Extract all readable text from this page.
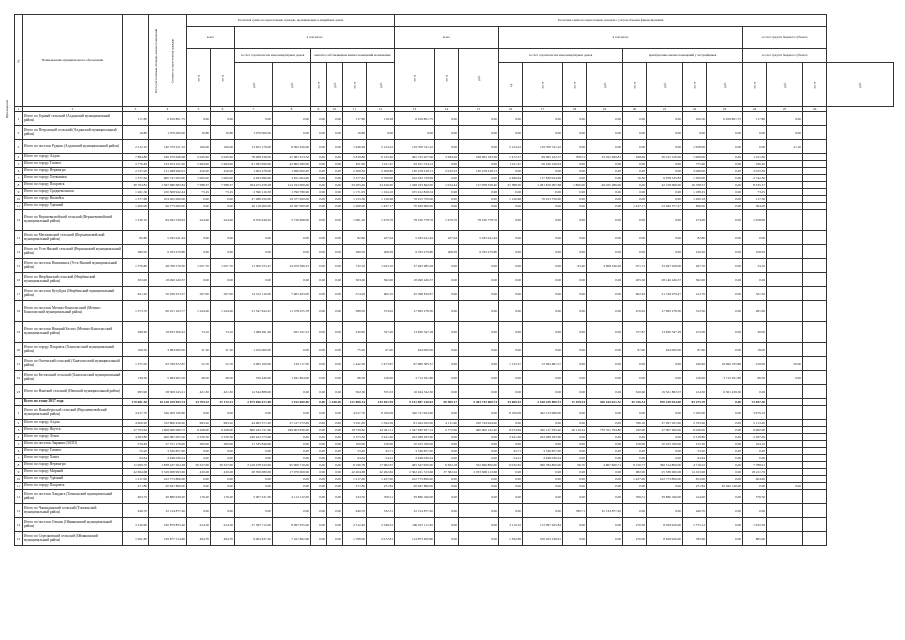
Приложение
№	Наименование муниципального образования	Всего расселяемая площадь жилых помещений	Стоимость переселения граждан	Расчетная сумма по переселению граждан, проживающих в аварийных домах								Расчетная сумма по переселению граждан с учетом объемов финансирования														
				всего		в том числе						всего			в том числе								за счет средств бюджета субъекта			
				кв. м	кв. м	за счет строительства многоквартирных домов		выплата собственникам жилых помещений возмещения				кв. м	кв. м	руб.	за счет строительства многоквартирных домов				приобретение жилых помещений у застройщиков				за счет средств бюджета субъекта			
						руб.	руб.	кв. м	руб.	кв. м	руб.				ед.	кв. м	кв. м	руб.	кв. м	руб.	кв. м	руб.	кв. м	руб.	кв. м	руб.
1	2	3	4	5	6	7	8	9	10	11	12	13	14	15	16	17	18	19	20	21	22	23	24	25	26	
1	Итого по Горный сельский (Алданский муниципальный район)	117.80	6 459 801.75	0.00	0.00	0.00	0.00	0.00	0.00	117.80	118.28	6 459 801.75	0.00	0.00	0.00	0.00	0.00	0.00	0.00	0.00	106.30	6 459 801.75	117.80	0.00		
2	Итого по Петровский сельский (Алданский муниципальный район)	19.80	1 079 000.00	19.80	19.80	1 079 000.00	0.00	0.00	0.00	19.80	0.00	0.00	0.00	0.00	0.00	0.00	0.00	0.00	0.00	0.00	0.00	0.00	0.00	0.00		
3	Итого по поселок Рудник (Алданский муниципальный район)	2 312.10	140 579 251.32	166.00	166.00	13 625 176.00	8 362 456.00	0.00	0.00	1 946.69	2 124.22	119 700 741.22	0.00	0.00	2 124.22	119 700 741.22	0.00	0.00	0.00	0.00	1 928.90	0.00	0.00	21.10		
4	Итого по городу Алдан	7 864.80	436 279 646.98	2 045.00	2 045.00	78 468 236.00	47 981 613.50	0.00	0.00	5 819.80	6 125.40	495 725 207.06	3 584.26	198 063 183.36	1 472.57	69 065 422.37	768.51	33 452 499.81	638.00	30 415 120.00	1 968.00	0.00	1 011.00			
5	Итого по городу Томмот	2 776.40	153 974 221.00	1 964.00	1 964.00	61 363 090.00	42 862 580.00	0.00	0.00	811.90	1 011.47	92 611 724.12	0.00	0.00	1 011.47	56 440 236.94	0.00	0.00	0.00	0.00	775.60	0.00	436.40			
6	Итого по городу Нерюнгри	2 727.00	131 288 999.61	420.00	420.00	1 004 578.00	1 090 000.00	0.00	0.00	2 306.50	2 308.80	130 478 238.13	2 032.03	130 478 238.13	0.00	0.00	0.00	0.00	0.00	0.00	3 068.00	0.00	2 025.30			
7	Итого по городу Олекминск	1 377.62	600 741 003.00	1 000.00	1 000.00	4 493 690.00	2 811 004.00	0.00	0.00	2 377.62	2 700.00	162 432 729.99	0.00	0.00	2 496.64	117 839 024.09	0.00	0.00	10.30	6 978 525.83	1 306.00	0.00	2 742.30			
8	Итого по городу Покровск	30 793.83	1 567 980 683.84	7 588.37	7 588.37	304 473 258.28	214 193 000.00	0.00	0.00	23 205.46	24 616.00	1 438 193 842.00	1 034.44	117 958 358.40	21 588.50	1 281 819 097.68	1 860.00	49 455 286.00	0.00	42 318 990.00	16 338.37	0.00	8 335.37			
9	Итого по городу Среднеколымск	1 261.50	106 508 942.44	73.25	73.25	2 596 116.50	1 790 780.90	0.00	0.00	1 171.95	1 164.10	105 912 826.54	0.00	0.00	0.00	0.00	0.00	0.00	0.00	0.00	1 188.25	0.00	73.25			
10	Итого по городу Вилюйск	1 377.68	104 202 000.00	0.00	0.00	27 288 250.00	19 377 000.00	0.00	0.00	1 153.30	1 126.68	76 913 750.00	0.00	0.00	1 126.68	76 913 750.00	0.00	0.00	0.00	0.00	1 260.18	0.00	117.50			
11	Итого по городу Удачный	1 400.00	96 775 000.00	0.00	0.00	26 116 000.00	16 397 000.00	0.00	0.00	1 208.00	1 437.17	70 659 000.00	0.00	0.00	0.00	0.00	0.00	0.00	1 437.17	53 469 577.47	836.00	0.00	564.00			
12	Итого по Верхневилюйский сельский (Верхневилюйский муниципальный район)	1 330.10	84 292 728.63	244.00	244.00	9 076 049.92	5 736 968.00	0.00	0.00	1 081.20	1 679.76	78 256 778.76	1 679.76	78 256 778.76	0.00	0.00	0.00	0.00	0.00	0.00	274.00	0.00	1 058.90			
13	Итого по Мегежекский сельский (Верхневилюйский муниципальный район)	82.80	5 045 041.64	0.00	0.00	0.00	0.00	0.00	0.00	82.80	107.64	5 045 041.64	107.64	5 045 041.64	0.00	0.00	0.00	0.00	0.00	0.00	82.80	0.00	0.00			
14	Итого по Усть-Янский сельский (Верхоянский муниципальный район)	380.50	9 763 279.80	0.00	0.00	0.00	0.00	0.00	0.00	380.50	208.39	9 763 279.80	208.39	9 763 279.80	0.00	0.00	0.00	0.00	0.00	0.00	126.30	0.00	258.20			
15	Итого по поселок Нижнеянск (Усть-Янский муниципальный район)	1 579.80	48 766 576.30	1 027.70	1 027.70	11 300 555.47	24 076 386.23	0.00	0.00	732.10	1 043.10	37 465 985.28	0.00	0.00	0.00	0.00	93.40	3 908 346.20	971.72	33 497 028.00	647.70	0.00	34.10			
16	Итого по Нюрбинский сельский (Нюрбинский муниципальный район)	303.00	18 490 240.37	0.00	0.00	0.00	0.00	0.00	0.00	303.00	302.00	18 490 240.37	0.00	0.00	0.00	0.00	0.00	0.00	205.30	28 146 246.37	302.00	0.00	0.00			
17	Итого по поселок Кутуйдах (Нюрбинский муниципальный район)	621.20	50 936 253.37	567.00	567.00	14 512 116.00	7 905 403.00	0.00	0.00	574.20	600.10	45 398 819.67	0.00	0.00	0.00	0.00	0.00	0.00	602.40	21 318 079.47	122.70	0.00	521.30			
18	Итого по поселок Мегино-Кангаласский (Мегино-Кангаласский муниципальный район)	1 573.70	60 251 102.77	1 244.00	1 244.00	31 347 642.47	11 378 225.78	0.00	0.00	388.50	374.92	17 965 278.30	0.00	0.00	0.00	0.00	0.00	0.00	470.02	17 965 278.30	312.50	0.00	281.00			
19	Итого по поселок Нижний Бестях (Мегино-Кангаласский муниципальный район)	298.40	18 833 306.22	74.10	74.10	1 488 491.40	925 347.23	0.00	0.00	230.90	337.20	13 839 347.38	0.00	0.00	0.00	0.00	0.00	0.00	377.87	13 839 547.39	272.00	0.00	30.00			
20	Итого по городу Покровск (Хангаласский муниципальный район)	106.50	3 084 000.00	31.30	31.30	1 100 000.00	0.00	0.00	0.00	75.20	67.20	924 000.00	0.00	0.00	0.00	0.00	0.00	0.00	97.00	924 000.00	87.60	0.00	18.00			
21	Итого по Октемский сельский (Хангаласский муниципальный район)	1 575.50	92 799 672.87	52.70	52.70	4 085 100.00	128 117.50	0.00	0.00	1 442.30	1 673.87	87 980 385.37	0.00	0.00	1 133.37	72 094 681.57	0.00	0.00	0.00	0.00	240.00	16 990 335.80	419.00	50.00		
22	Итого по Бестяхский сельский (Хангаласский муниципальный район)	136.30	5 984 605.36	48.50	48.50	330 449.00	1 941 804.90	0.00	0.00	86.30	126.00	3 712 391.86	0.00	0.00	0.00	0.00	0.00	0.00	0.00	0.00	126.00	3 712 391.86	86.30	0.00		
23	Итого по Намский сельский (Намский муниципальный район)	983.90	38 309 245.21	421.30	421.30	14 544 888.00	0.00	0.00	0.00	562.30	555.33	16 044 542.30	0.00	0.00	0.00	0.00	0.00	0.00	610.60	19 521 863.37	124.30	6 301 436.30	0.00			
	Всего по этапу 2017 года	170 681.40	10 128 259 095.74	34 705.32	31 172.21	2 075 066 471.08	1 012 000.00	0.00	1 448.20	121 808.14	135 461.95	9 141 807 218.02	90 585.17	5 483 743 600.74	34 669.52	3 168 239 890.72	11 678.24	440 165 621.32	45 726.34	870 249 954.00	84 275.70	0.00	73 657.30			
1	Итого по Намыбероской сельский (Верхневилюйский муниципальный район)	4 917.70	346 209 760.80	0.00	0.00	0.00	0.00	0.00	0.00	4 917.70	8 169.09	340 721 904.00	0.00	0.00	8 169.09	342 123 980.00	0.00	0.00	0.00	0.00	1 500.00	0.00	3 979.10			
2	Итого по городу Алдан	4 906.20	332 806 436.00	995.20	995.20	44 665 571.20	27 127 272.00	0.00	0.00	3 911.00	1 594.56	81 264 032.00	4 111.00	250 744 644.00	0.00	0.00	0.00	0.00	796.10	37 297 031.00	2 793.00	0.00	2 113.20			
3	Итого по городу Якутск	27 703.62	1 908 060 086.72	9 648.00	9 648.00	800 445 721.60	299 003 836.00	0.00	0.00	18 729.62	24 261.11	1 347 630 957.12	2 772.90	400 000 145.20	9 074.82	320 127 395.40	20 116.22	776 351 794.80	190.00	37 907 620.00	6 046.00	0.00	9 660.00			
4	Итого по городу Ленск	4 603.80	400 081 005.20	2 230.50	2 230.50	240 422 373.60	0.00	0.00	0.00	2 373.30	3 441.00	243 489 285.60	0.00	0.00	3 441.00	243 489 285.60	0.00	0.00	0.00	0.00	2 316.80	0.00	2 287.00			
5	Итого по поселок Зырянка (ЗАТО)	379.40	27 751 176.00	300.00	300.00	17 535 846.00	0.00	0.00	0.00	100.00	156.00	10 225 330.00	0.00	0.00	0.00	0.00	0.00	0.00	156.00	10 225 330.00	215.30	0.00	164.10			
6	Итого по городу Томмот	53.20	3 530 857.00	0.00	0.00	0.00	0.00	0.00	0.00	53.20	45.71	3 530 857.00	0.00	0.00	45.71	3 530 857.00	0.00	0.00	0.00	0.00	53.20	0.00	0.00			
7	Итого по городу Ханга	64.64	4 648 036.24	0.00	0.00	0.00	0.00	0.00	0.00	64.64	54.21	4 648 036.24	0.00	0.00	54.21	4 648 036.24	0.00	0.00	0.00	0.00	64.64	0.00	0.00			
8	Итого по городу Нерюнгри	11 909.70	1 838 437 262.48	59 327.00	39 327.00	2 216 478 543.00	95 006 710.00	0.00	0.00	8 196.78	17 962.07	465 547 000.00	6 362.18	332 696 806.00	6 032.65	566 784 800.00	66.70	4 807 660.71	8 150.77	396 514 800.00	4 716.02	0.00	7 788.91			
9	Итого по городу Мирный	42 694.68	3 329 908 993.60	430.00	430.00	28 766 080.00	17 979 000.00	0.00	0.00	42 264.68	42 262.82	2 302 221 313.60	37 382.02	2 053 668 113.60	0.00	0.00	0.00	0.00	982.00	25 538 000.00	14 193.00	0.00	18 211.70			
10	Итого по городу Удачный	1 217.00	102 773 806.00	0.00	0.00	0.00	0.00	0.00	0.00	1 217.00	1 427.00	102 773 806.00	0.00	0.00	0.00	0.00	0.00	0.00	1 427.00	102 773 806.00	813.00	0.00	404.00			
11	Итого по городу Покровск	271.80	20 947 866.00	0.00	0.00	0.00	0.00	0.00	0.00	271.80	271.82	20 947 866.00	0.00	0.00	0.00	0.00	0.00	0.00	0.00	0.00	271.82	20 942 146.00	0.00	0.00		
12	Итого по поселок Хандыга (Томпонский муниципальный район)	663.70	49 880 939.20	176.20	176.20	5 007 231.00	4 114 132.00	0.00	0.00	543.50	706.51	39 866 346.00	0.00	0.00	0.00	0.00	0.00	0.00	706.51	39 866 346.00	144.00	0.00	576.50			
13	Итого по Чапандинский сельский (Томпонский муниципальный район)	446.70	32 134 877.20	0.00	0.00	0.00	0.00	0.00	0.00	446.70	532.31	32 134 877.20	0.00	0.00	0.00	0.00	780.71	32 134 877.20	0.00	0.00	446.70	0.00	0.00			
14	Итого по поселок Ольчан (Оймяконский муниципальный район)	3 120.90	230 879 853.40	614.50	614.50	27 595 712.00	8 097 055.00	0.00	0.00	2 512.40	2 548.22	180 627 111.65	0.00	0.00	3 110.32	172 097 205.84	0.00	0.00	270.30	8 029 926.00	1 575.12	0.00	1 932.56			
15	Итого по Стрелковский сельский (Оймяконский муниципальный район)	1 991.80	129 877 514.60	494.70	494.70	9 004 637.20	7 161 802.60	0.00	0.00	1 798.00	2 072.81	114 873 400.80	0.00	0.00	1 392.86	106 205 548.91	0.00	0.00	270.00	8 629 926.00	782.60	0.00	865.90			
